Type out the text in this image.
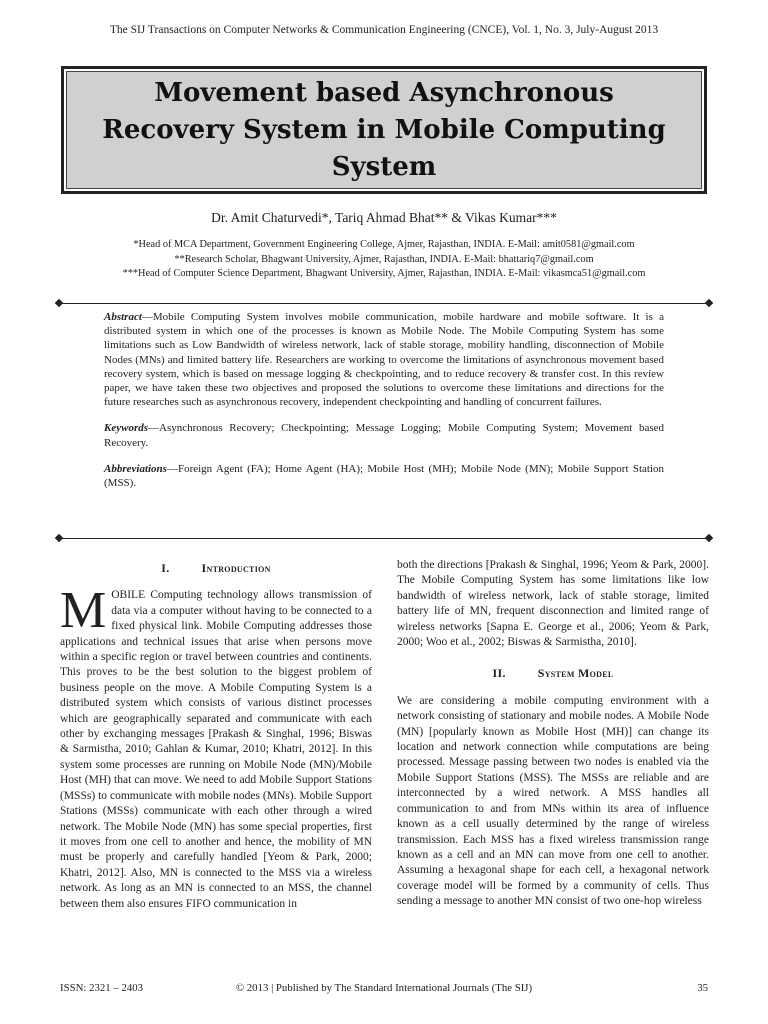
The SIJ Transactions on Computer Networks & Communication Engineering (CNCE), Vol. 1, No. 3, July-August 2013
Movement based Asynchronous
Recovery System in Mobile Computing
System
Dr. Amit Chaturvedi*, Tariq Ahmad Bhat** & Vikas Kumar***
*Head of MCA Department, Government Engineering College, Ajmer, Rajasthan, INDIA. E-Mail: amit0581@gmail.com
**Research Scholar, Bhagwant University, Ajmer, Rajasthan, INDIA. E-Mail: bhattariq7@gmail.com
***Head of Computer Science Department, Bhagwant University, Ajmer, Rajasthan, INDIA. E-Mail: vikasmca51@gmail.com

Abstract—Mobile Computing System involves mobile communication, mobile hardware and mobile software. It is a distributed system in which one of the processes is known as Mobile Node. The Mobile Computing System has some limitations such as Low Bandwidth of wireless network, lack of stable storage, mobility handling, disconnection of Mobile Nodes (MNs) and limited battery life. Researchers are working to overcome the limitations of asynchronous movement based recovery system, which is based on message logging & checkpointing, and to reduce recovery & transfer cost. In this review paper, we have taken these two objectives and proposed the solutions to overcome these limitations and directions for the future researches such as asynchronous recovery, independent checkpointing and handling of concurrent failures.

Keywords—Asynchronous Recovery; Checkpointing; Message Logging; Mobile Computing System; Movement based Recovery.

Abbreviations—Foreign Agent (FA); Home Agent (HA); Mobile Host (MH); Mobile Node (MN); Mobile Support Station (MSS).

I.	Introduction

MOBILE Computing technology allows transmission of data via a computer without having to be connected to a fixed physical link. Mobile Computing addresses those applications and technical issues that arise when persons move within a specific region or travel between countries and continents. This proves to be the best solution to the biggest problem of business people on the move. A Mobile Computing System is a distributed system which consists of various distinct processes which are geographically separated and communicate with each other by exchanging messages [Prakash & Singhal, 1996; Biswas & Sarmistha, 2010; Gahlan & Kumar, 2010; Khatri, 2012]. In this system some processes are running on Mobile Node (MN)/Mobile Host (MH) that can move. We need to add Mobile Support Stations (MSSs) to communicate with mobile nodes (MNs). Mobile Support Stations (MSSs) communicate with each other through a wired network. The Mobile Node (MN) has some special properties, first it moves from one cell to another and hence, the mobility of MN must be properly and carefully handled [Yeom & Park, 2000; Khatri, 2012]. Also, MN is connected to the MSS via a wireless network. As long as an MN is connected to an MSS, the channel between them also ensures FIFO communication in

both the directions [Prakash & Singhal, 1996; Yeom & Park, 2000]. The Mobile Computing System has some limitations like low bandwidth of wireless network, lack of stable storage, limited battery life of MN, frequent disconnection and limited range of wireless networks [Sapna E. George et al., 2006; Yeom & Park, 2000; Woo et al., 2002; Biswas & Sarmistha, 2010].

II.	System Model

We are considering a mobile computing environment with a network consisting of stationary and mobile nodes. A Mobile Node (MN) [popularly known as Mobile Host (MH)] can change its location and network connection while computations are being processed. Message passing between two nodes is enabled via the Mobile Support Stations (MSS). The MSSs are reliable and are interconnected by a wired network. A MSS handles all communication to and from MNs within its area of influence known as a cell usually determined by the range of wireless transmission. Each MSS has a fixed wireless transmission range known as a cell and an MN can move from one cell to another. Assuming a hexagonal shape for each cell, a hexagonal network coverage model will be formed by a community of cells. Thus sending a message to another MN consist of two one-hop wireless

ISSN: 2321 – 2403	© 2013 | Published by The Standard International Journals (The SIJ)	35
